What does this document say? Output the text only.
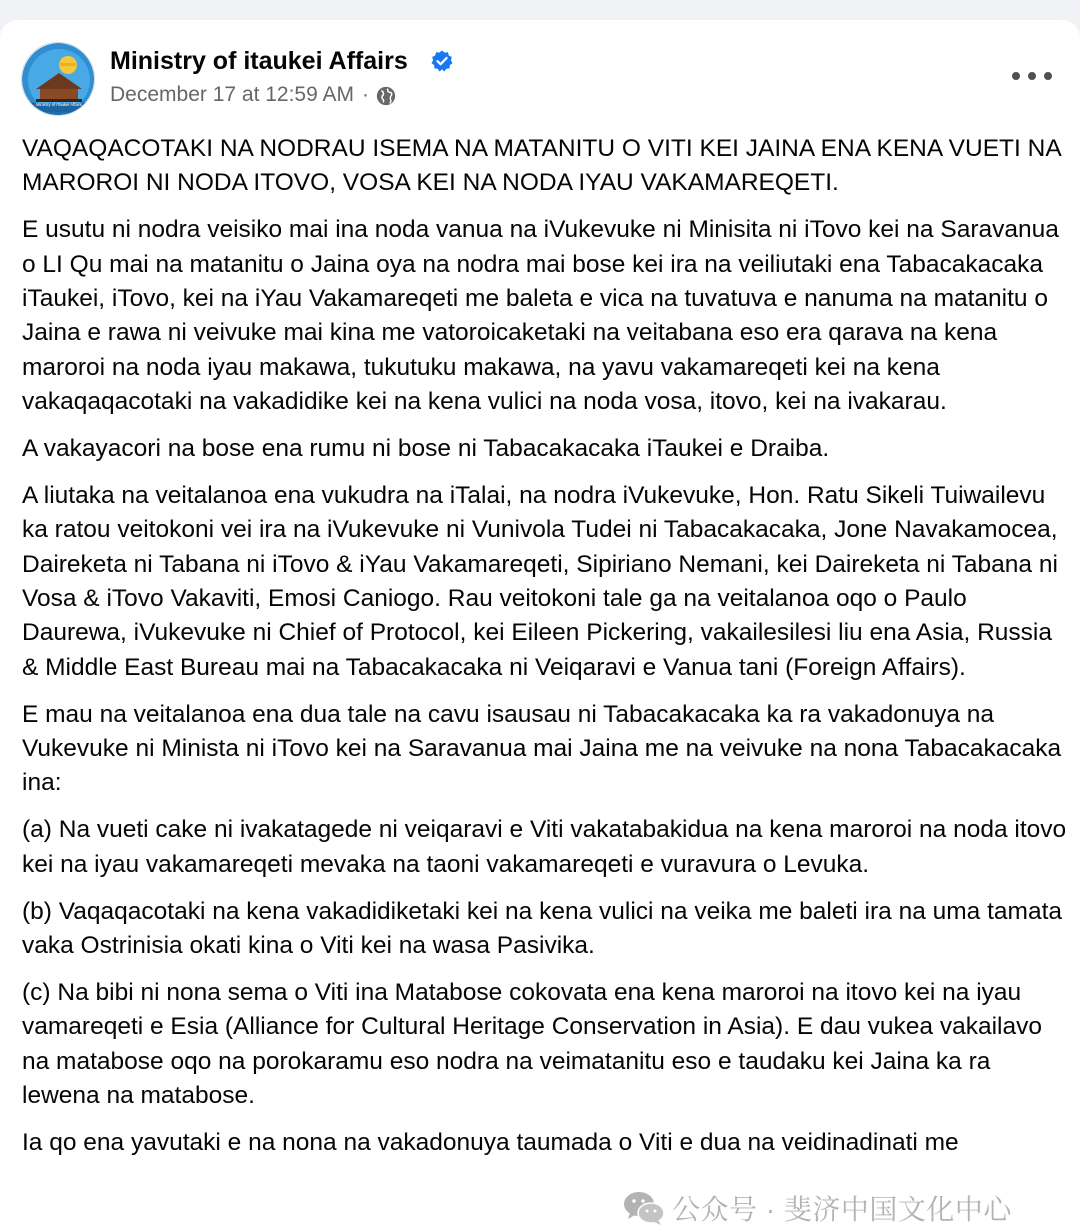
Ministry of iTaukei Affairs
Ministry of itaukei Affairs
December 17 at 12:59 AM ·

VAQAQACOTAKI NA NODRAU ISEMA NA MATANITU O VITI KEI JAINA ENA KENA VUETI NA MAROROI NI NODA ITOVO, VOSA KEI NA NODA IYAU VAKAMAREQETI.

E usutu ni nodra veisiko mai ina noda vanua na iVukevuke ni Minisita ni iTovo kei na Saravanua o LI Qu mai na matanitu o Jaina oya na nodra mai bose kei ira na veiliutaki ena Tabacakacaka iTaukei, iTovo, kei na iYau Vakamareqeti me baleta e vica na tuvatuva e nanuma na matanitu o Jaina e rawa ni veivuke mai kina me vatoroicaketaki na veitabana eso era qarava na kena maroroi na noda iyau makawa, tukutuku makawa, na yavu vakamareqeti kei na kena vakaqaqacotaki na vakadidike kei na kena vulici na noda vosa, itovo, kei na ivakarau.

A vakayacori na bose ena rumu ni bose ni Tabacakacaka iTaukei e Draiba.

A liutaka na veitalanoa ena vukudra na iTalai, na nodra iVukevuke, Hon. Ratu Sikeli Tuiwailevu ka ratou veitokoni vei ira na iVukevuke ni Vunivola Tudei ni Tabacakacaka, Jone Navakamocea, Daireketa ni Tabana ni iTovo & iYau Vakamareqeti, Sipiriano Nemani, kei Daireketa ni Tabana ni Vosa & iTovo Vakaviti, Emosi Caniogo. Rau veitokoni tale ga na veitalanoa oqo o Paulo Daurewa, iVukevuke ni Chief of Protocol, kei Eileen Pickering, vakailesilesi liu ena Asia, Russia & Middle East Bureau mai na Tabacakacaka ni Veiqaravi e Vanua tani (Foreign Affairs).

E mau na veitalanoa ena dua tale na cavu isausau ni Tabacakacaka ka ra vakadonuya na Vukevuke ni Minista ni iTovo kei na Saravanua mai Jaina me na veivuke na nona Tabacakacaka ina:

(a) Na vueti cake ni ivakatagede ni veiqaravi e Viti vakatabakidua na kena maroroi na noda itovo kei na iyau vakamareqeti mevaka na taoni vakamareqeti e vuravura o Levuka.

(b) Vaqaqacotaki na kena vakadidiketaki kei na kena vulici na veika me baleti ira na uma tamata vaka Ostrinisia okati kina o Viti kei na wasa Pasivika.

(c) Na bibi ni nona sema o Viti ina Matabose cokovata ena kena maroroi na itovo kei na iyau vamareqeti e Esia (Alliance for Cultural Heritage Conservation in Asia). E dau vukea vakailavo na matabose oqo na porokaramu eso nodra na veimatanitu eso e taudaku kei Jaina ka ra lewena na matabose.

Ia qo ena yavutaki e na nona na vakadonuya taumada o Viti e dua na veidinadinati me

公众号 · 斐济中国文化中心
